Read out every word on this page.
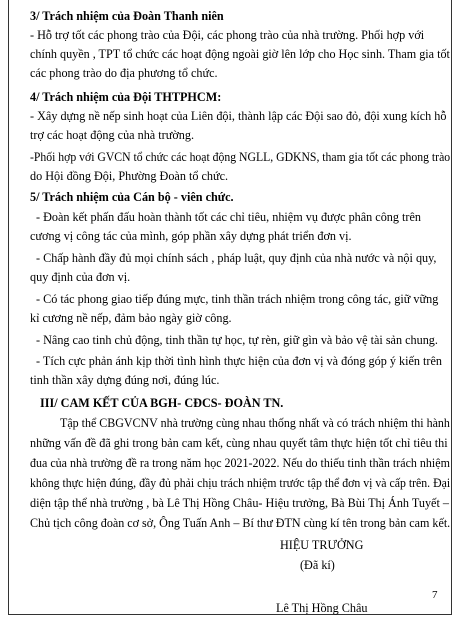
3/ Trách nhiệm của Đoàn Thanh niên
- Hỗ trợ tốt các phong trào của Đội, các phong trào của nhà trường. Phối hợp với
chính quyền , TPT tổ chức các hoạt động ngoài giờ lên lớp cho Học sinh. Tham gia tốt
các phong trào do địa phương tổ chức.
4/ Trách nhiệm của Đội THTPHCM:
- Xây dựng nề nếp sinh hoạt của Liên đội, thành lập các Đội sao đỏ, đội xung kích hỗ
trợ các hoạt động của nhà trường.
-Phối hợp với GVCN tổ chức các hoạt động NGLL, GDKNS, tham gia tốt các phong trào
do Hội đồng Đội, Phường Đoàn tổ chức.
5/ Trách nhiệm của Cán bộ - viên chức.
- Đoàn kết phấn đấu hoàn thành tốt các chỉ tiêu, nhiệm vụ được phân công trên
cương vị công tác của mình, góp phần xây dựng phát triển đơn vị.
- Chấp hành đầy đủ mọi chính sách , pháp luật, quy định của nhà nước và nội quy,
quy định của đơn vị.
- Có tác phong giao tiếp đúng mực, tinh thần trách nhiệm trong công tác, giữ vững
kỉ cương nề nếp, đảm bảo ngày giờ công.
- Nâng cao tinh chủ động, tinh thần tự học, tự rèn, giữ gìn và bảo vệ tài sản chung.
- Tích cực phản ánh kịp thời tình hình thực hiện của đơn vị và đóng góp ý kiến trên
tinh thần xây dựng đúng nơi, đúng lúc.
III/ CAM KẾT CỦA BGH- CĐCS- ĐOÀN TN.
Tập thể CBGVCNV nhà trường cùng nhau thống nhất và có trách nhiệm thi hành
những vấn đề đã ghi trong bản cam kết, cùng nhau quyết tâm thực hiện tốt chỉ tiêu thi
đua của nhà trường đề ra trong năm học 2021-2022. Nếu do thiếu tinh thần trách nhiệm
không thực hiện đúng, đầy đủ phải chịu trách nhiệm trước tập thể đơn vị và cấp trên. Đại
diện tập thể nhà trường , bà Lê Thị Hồng Châu- Hiệu trưởng, Bà Bùi Thị Ánh Tuyết –
Chủ tịch công đoàn cơ sở, Ông Tuấn Anh – Bí thư ĐTN cùng kí tên trong bản cam kết.
HIỆU TRƯỞNG
(Đã kí)
Lê Thị Hồng Châu
7
